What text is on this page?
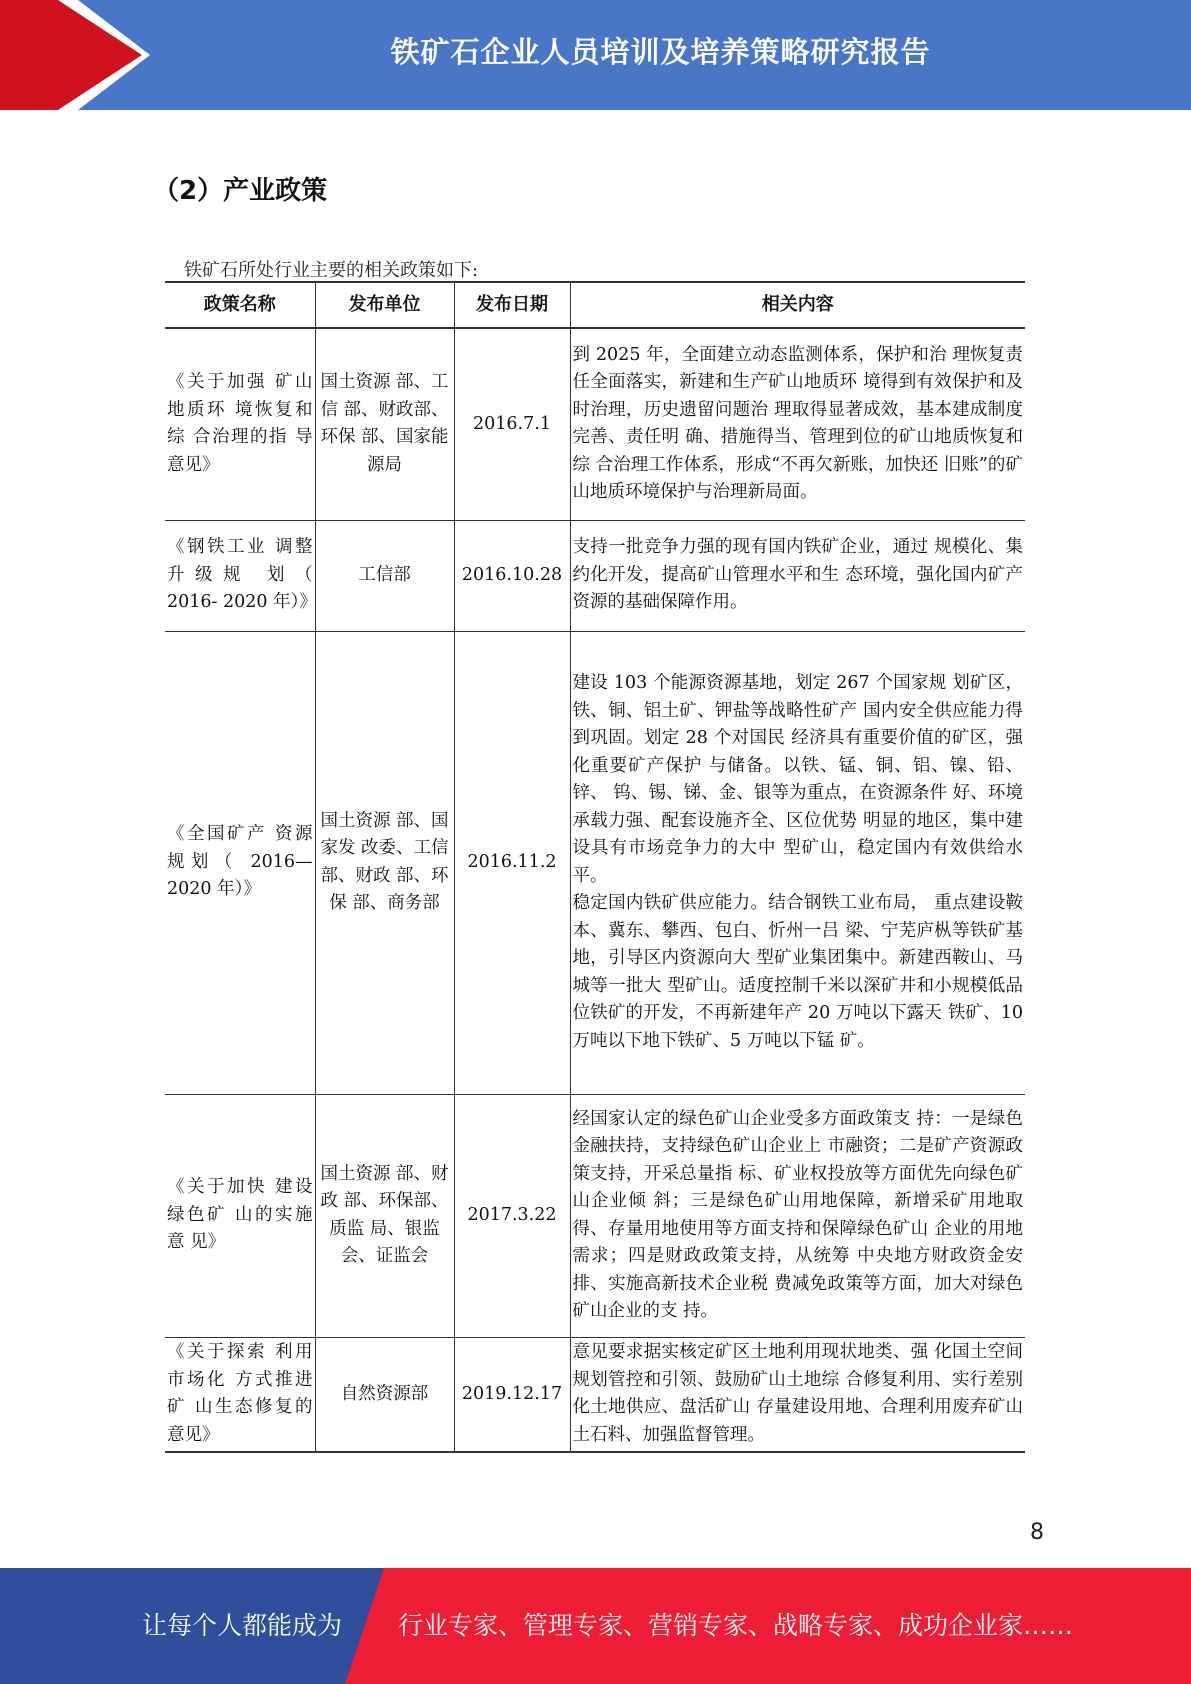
铁矿石企业人员培训及培养策略研究报告
（2）产业政策
铁矿石所处行业主要的相关政策如下:
政策名称	发布单位	发布日期	相关内容
《关于加强 矿山地质环 境恢复和综 合治理的指 导意见》	国土资源 部、工信 部、财政部、环保 部、国家能 源局	2016.7.1	到 2025 年，全面建立动态监测体系，保护和治 理恢复责任全面落实，新建和生产矿山地质环 境得到有效保护和及时治理，历史遗留问题治 理取得显著成效，基本建成制度完善、责任明 确、措施得当、管理到位的矿山地质恢复和综 合治理工作体系，形成“不再欠新账，加快还 旧账”的矿山地质环境保护与治理新局面。
《钢铁工业 调整升级规 划（ 2016- 2020 年）》	工信部	2016.10.28	支持一批竞争力强的现有国内铁矿企业，通过 规模化、集约化开发，提高矿山管理水平和生 态环境，强化国内矿产资源的基础保障作用。
《全国矿产 资源规划（ 2016—2020 年）》	国土资源 部、国家发 改委、工信 部、财政 部、环保 部、商务部	2016.11.2	建设 103 个能源资源基地，划定 267 个国家规 划矿区，铁、铜、铝土矿、钾盐等战略性矿产 国内安全供应能力得到巩固。划定 28 个对国民 经济具有重要价值的矿区，强化重要矿产保护 与储备。以铁、锰、铜、铝、镍、铅、锌、 钨、锡、锑、金、银等为重点，在资源条件 好、环境承载力强、配套设施齐全、区位优势 明显的地区，集中建设具有市场竞争力的大中 型矿山，稳定国内有效供给水平。
稳定国内铁矿供应能力。结合钢铁工业布局， 重点建设鞍本、冀东、攀西、包白、忻州一吕 梁、宁芜庐枞等铁矿基地，引导区内资源向大 型矿业集团集中。新建西鞍山、马城等一批大 型矿山。适度控制千米以深矿井和小规模低品 位铁矿的开发，不再新建年产 20 万吨以下露天 铁矿、10 万吨以下地下铁矿、5 万吨以下锰 矿。

《关于加快 建设绿色矿 山的实施意 见》	国土资源 部、财政 部、环保部、质监 局、银监 会、证监会	2017.3.22	经国家认定的绿色矿山企业受多方面政策支 持：一是绿色金融扶持，支持绿色矿山企业上 市融资；二是矿产资源政策支持，开采总量指 标、矿业权投放等方面优先向绿色矿山企业倾 斜；三是绿色矿山用地保障，新增采矿用地取 得、存量用地使用等方面支持和保障绿色矿山 企业的用地需求；四是财政政策支持，从统筹 中央地方财政资金安排、实施高新技术企业税 费减免政策等方面，加大对绿色矿山企业的支 持。
《关于探索 利用市场化 方式推进矿 山生态修复的意见》	自然资源部	2019.12.17	意见要求据实核定矿区土地利用现状地类、强 化国土空间规划管控和引领、鼓励矿山土地综 合修复利用、实行差别化土地供应、盘活矿山 存量建设用地、合理利用废弃矿山土石料、加强监督管理。
8
让每个人都能成为 行业专家、管理专家、营销专家、战略专家、成功企业家……
